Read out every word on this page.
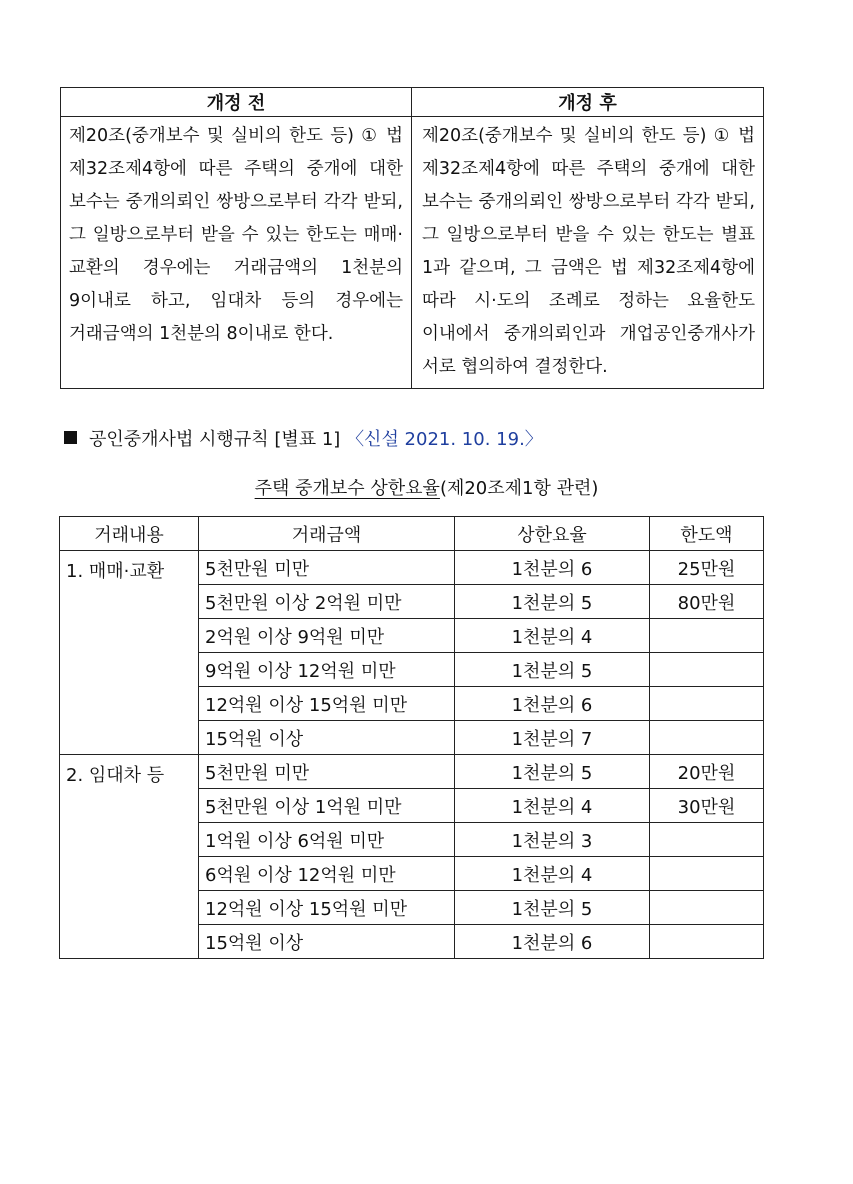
개정 전	개정 후
제20조(중개보수 및 실비의 한도 등) ① 법 제32조제4항에 따른 주택의 중개에 대한 보수는 중개의뢰인 쌍방으로부터 각각 받되, 그 일방으로부터 받을 수 있는 한도는 매매·교환의 경우에는 거래금액의 1천분의 9이내로 하고, 임대차 등의 경우에는 거래금액의 1천분의 8이내로 한다.	제20조(중개보수 및 실비의 한도 등) ① 법 제32조제4항에 따른 주택의 중개에 대한 보수는 중개의뢰인 쌍방으로부터 각각 받되, 그 일방으로부터 받을 수 있는 한도는 별표 1과 같으며, 그 금액은 법 제32조제4항에 따라 시·도의 조례로 정하는 요율한도 이내에서 중개의뢰인과 개업공인중개사가 서로 협의하여 결정한다.
공인중개사법 시행규칙 [별표 1] 〈신설 2021. 10. 19.〉
주택 중개보수 상한요율(제20조제1항 관련)
거래내용	거래금액	상한요율	한도액
1. 매매·교환	5천만원 미만	1천분의 6	25만원
	5천만원 이상 2억원 미만	1천분의 5	80만원
	2억원 이상 9억원 미만	1천분의 4	
	9억원 이상 12억원 미만	1천분의 5	
	12억원 이상 15억원 미만	1천분의 6	
	15억원 이상	1천분의 7	
2. 임대차 등	5천만원 미만	1천분의 5	20만원
	5천만원 이상 1억원 미만	1천분의 4	30만원
	1억원 이상 6억원 미만	1천분의 3	
	6억원 이상 12억원 미만	1천분의 4	
	12억원 이상 15억원 미만	1천분의 5	
	15억원 이상	1천분의 6	
